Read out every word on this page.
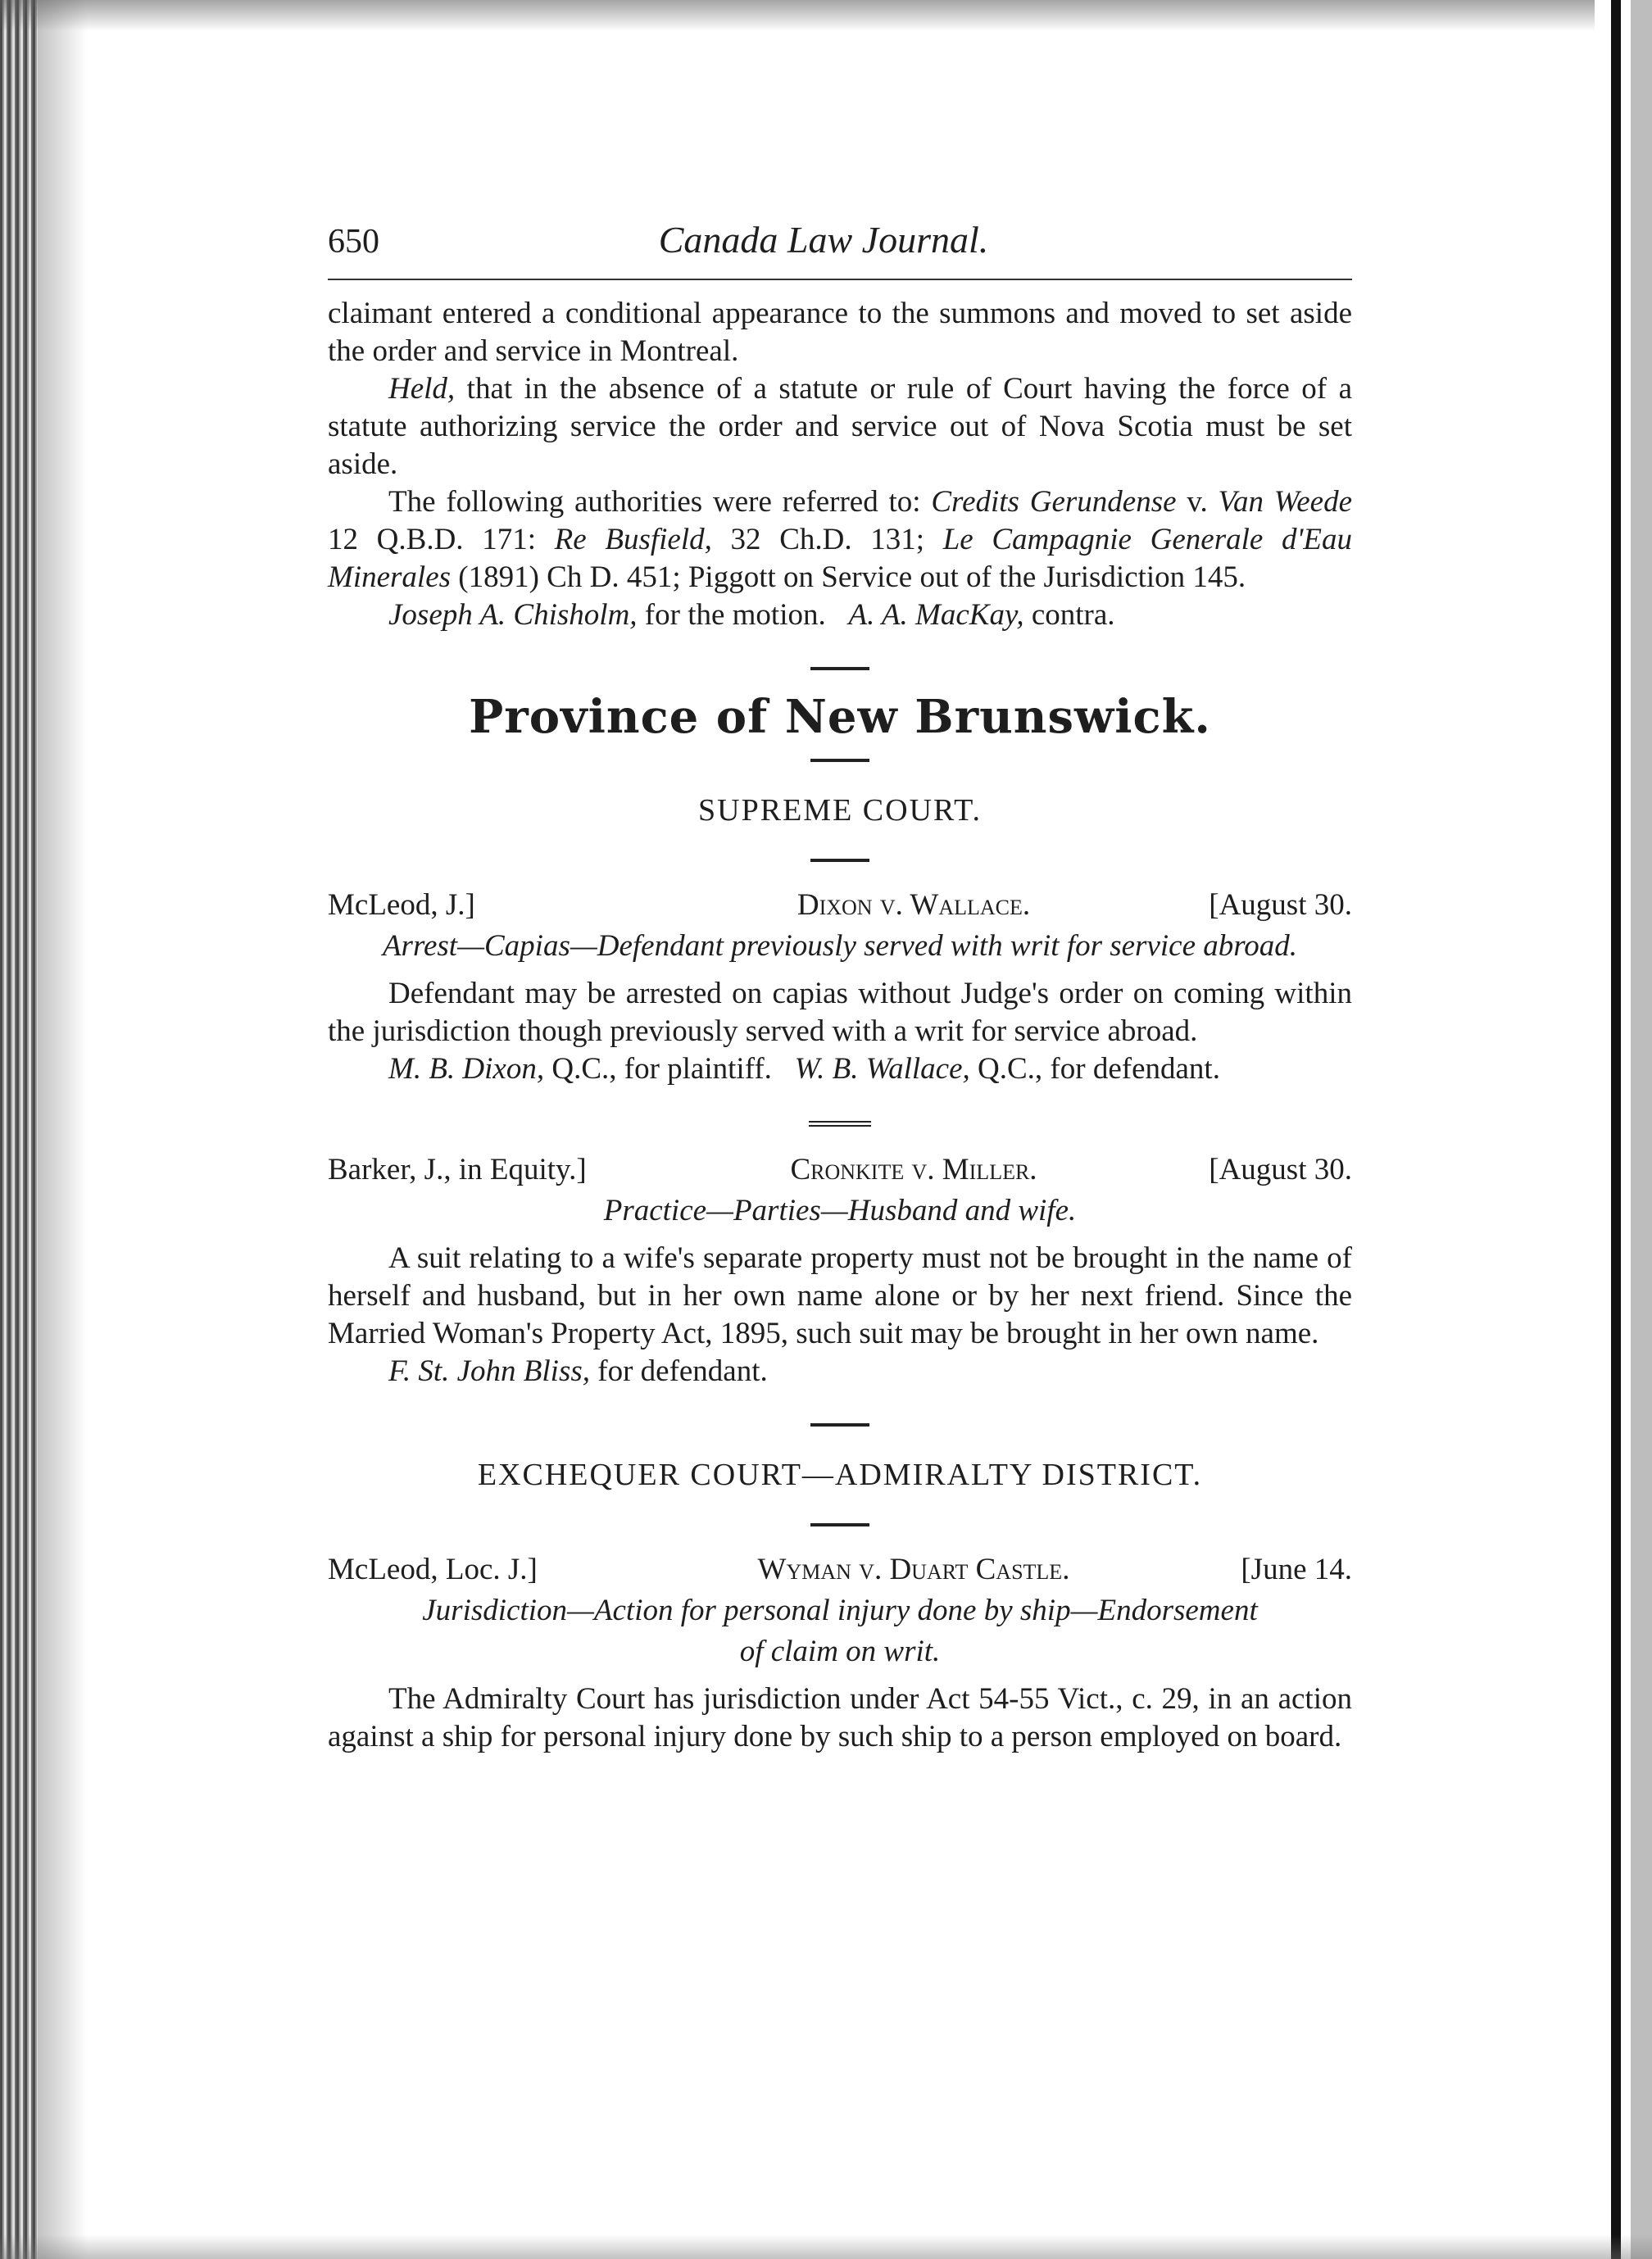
650	Canada Law Journal.

claimant entered a conditional appearance to the summons and moved to set aside the order and service in Montreal.

Held, that in the absence of a statute or rule of Court having the force of a statute authorizing service the order and service out of Nova Scotia must be set aside.

The following authorities were referred to: Credits Gerundense v. Van Weede 12 Q.B.D. 171: Re Busfield, 32 Ch.D. 131; Le Campagnie Generale d'Eau Minerales (1891) Ch D. 451; Piggott on Service out of the Jurisdiction 145.

Joseph A. Chisholm, for the motion.   A. A. MacKay, contra.

Province of New Brunswick.
SUPREME COURT.
McLeod, J.]	Dixon v. Wallace.	[August 30.
Arrest—Capias—Defendant previously served with writ for service abroad.

Defendant may be arrested on capias without Judge's order on coming within the jurisdiction though previously served with a writ for service abroad.

M. B. Dixon, Q.C., for plaintiff.   W. B. Wallace, Q.C., for defendant.

Barker, J., in Equity.]	Cronkite v. Miller.	[August 30.
Practice—Parties—Husband and wife.

A suit relating to a wife's separate property must not be brought in the name of herself and husband, but in her own name alone or by her next friend. Since the Married Woman's Property Act, 1895, such suit may be brought in her own name.

F. St. John Bliss, for defendant.

EXCHEQUER COURT—ADMIRALTY DISTRICT.
McLeod, Loc. J.]	Wyman v. Duart Castle.	[June 14.
Jurisdiction—Action for personal injury done by ship—Endorsement
of claim on writ.

The Admiralty Court has jurisdiction under Act 54-55 Vict., c. 29, in an action against a ship for personal injury done by such ship to a person employed on board.
